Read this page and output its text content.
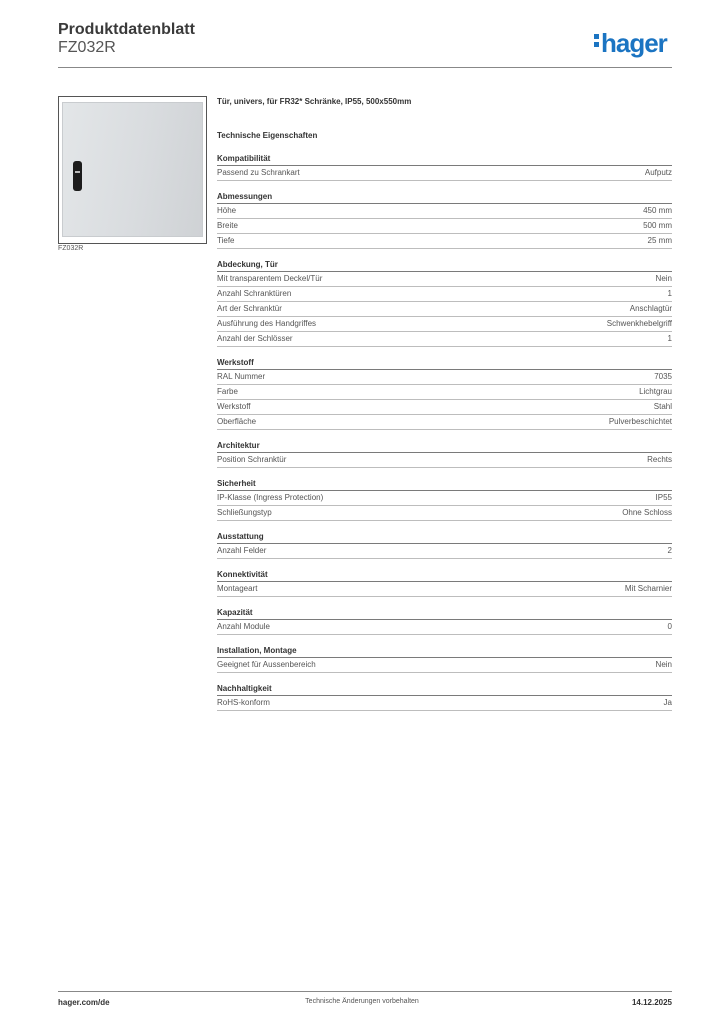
Produktdatenblatt
FZ032R	hager
FZ032R
Tür, univers, für FR32* Schränke, IP55, 500x550mm
Technische Eigenschaften
Kompatibilität
Passend zu Schrankart	Aufputz
Abmessungen
Höhe	450 mm
Breite	500 mm
Tiefe	25 mm
Abdeckung, Tür
Mit transparentem Deckel/Tür	Nein
Anzahl Schranktüren	1
Art der Schranktür	Anschlagtür
Ausführung des Handgriffes	Schwenkhebelgriff
Anzahl der Schlösser	1
Werkstoff
RAL Nummer	7035
Farbe	Lichtgrau
Werkstoff	Stahl
Oberfläche	Pulverbeschichtet
Architektur
Position Schranktür	Rechts
Sicherheit
IP-Klasse (Ingress Protection)	IP55
Schließungstyp	Ohne Schloss
Ausstattung
Anzahl Felder	2
Konnektivität
Montageart	Mit Scharnier
Kapazität
Anzahl Module	0
Installation, Montage
Geeignet für Aussenbereich	Nein
Nachhaltigkeit
RoHS-konform	Ja
hager.com/de	Technische Änderungen vorbehalten	14.12.2025
